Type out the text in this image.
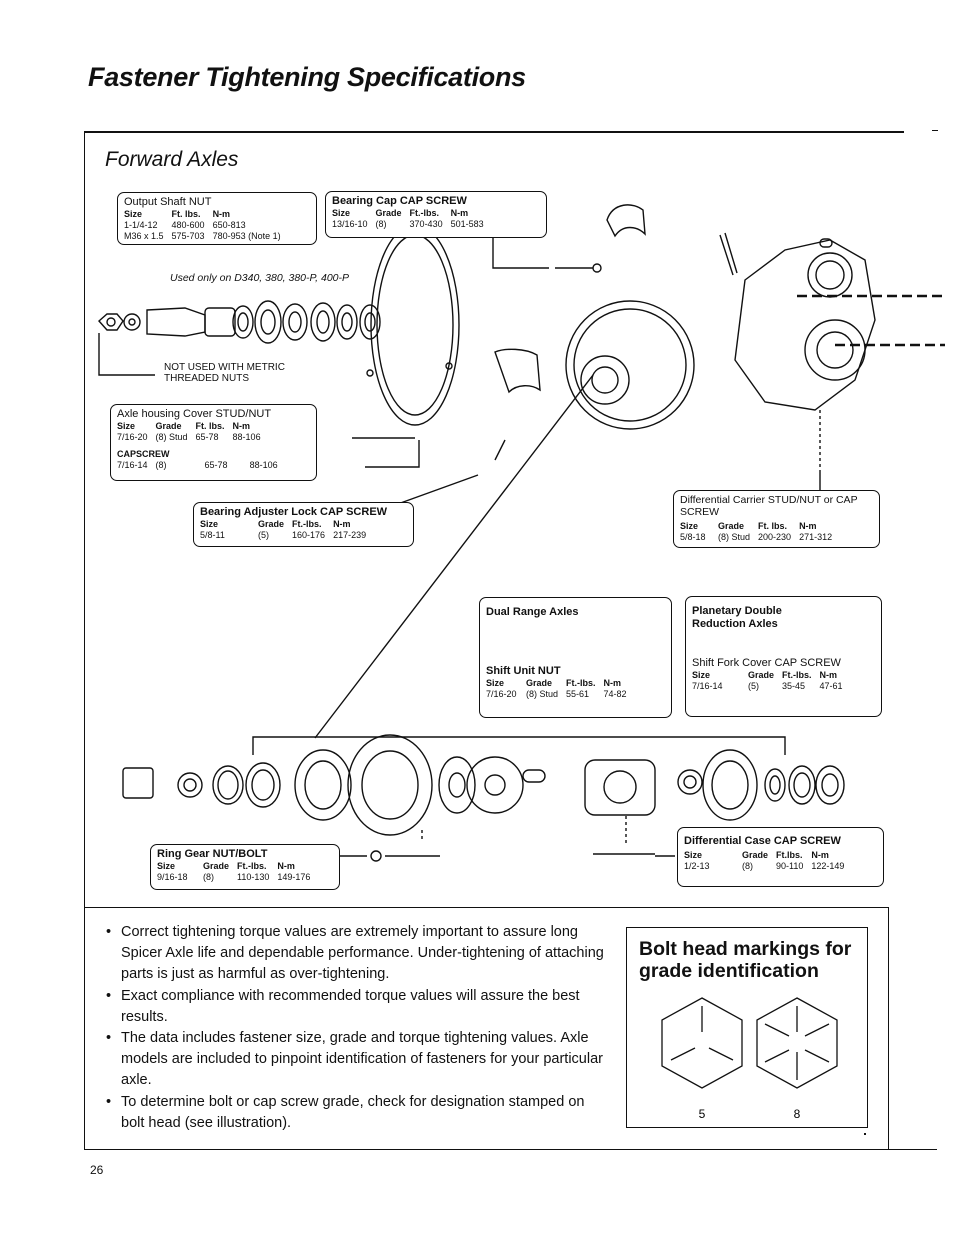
Fastener Tightening Specifications
Forward Axles
Used only on D340, 380, 380-P, 400-P
NOT USED WITH METRIC
THREADED NUTS
Output Shaft NUT
Size	Ft. lbs.	N-m
1-1/4-12	480-600	650-813
M36 x 1.5	575-703	780-953 (Note 1)
Bearing Cap CAP SCREW
Size	Grade	Ft.-lbs.	N-m
13/16-10	(8)	370-430	501-583
Axle housing Cover STUD/NUT
Size	Grade	Ft. lbs.	N-m
7/16-20	(8) Stud	65-78	88-106
CAPSCREW
7/16-14	(8)	65-78	88-106
Bearing Adjuster Lock CAP SCREW
Size	Grade	Ft.-lbs.	N-m
5/8-11	(5)	160-176	217-239
Differential Carrier STUD/NUT or CAP SCREW
Size	Grade	Ft. lbs.	N-m
5/8-18	(8) Stud	200-230	271-312
Dual Range Axles
Shift Unit NUT
Size	Grade	Ft.-lbs.	N-m
7/16-20	(8) Stud	55-61	74-82
Planetary Double Reduction Axles
Shift Fork Cover CAP SCREW
Size	Grade	Ft.-lbs.	N-m
7/16-14	(5)	35-45	47-61
Ring Gear NUT/BOLT
Size	Grade	Ft.-lbs.	N-m
9/16-18	(8)	110-130	149-176
Differential Case CAP SCREW
Size	Grade	Ft.lbs.	N-m
1/2-13	(8)	90-110	122-149
• Correct tightening torque values are extremely important to assure long Spicer Axle life and dependable performance. Under-tightening of attaching parts is just as harmful as over-tightening.
• Exact compliance with recommended torque values will assure the best results.
• The data includes fastener size, grade and torque tightening values. Axle models are included to pinpoint identification of fasteners for your particular axle.
• To determine bolt or cap screw grade, check for designation stamped on bolt head (see illustration).
Bolt head markings for grade identification
5	8
26
